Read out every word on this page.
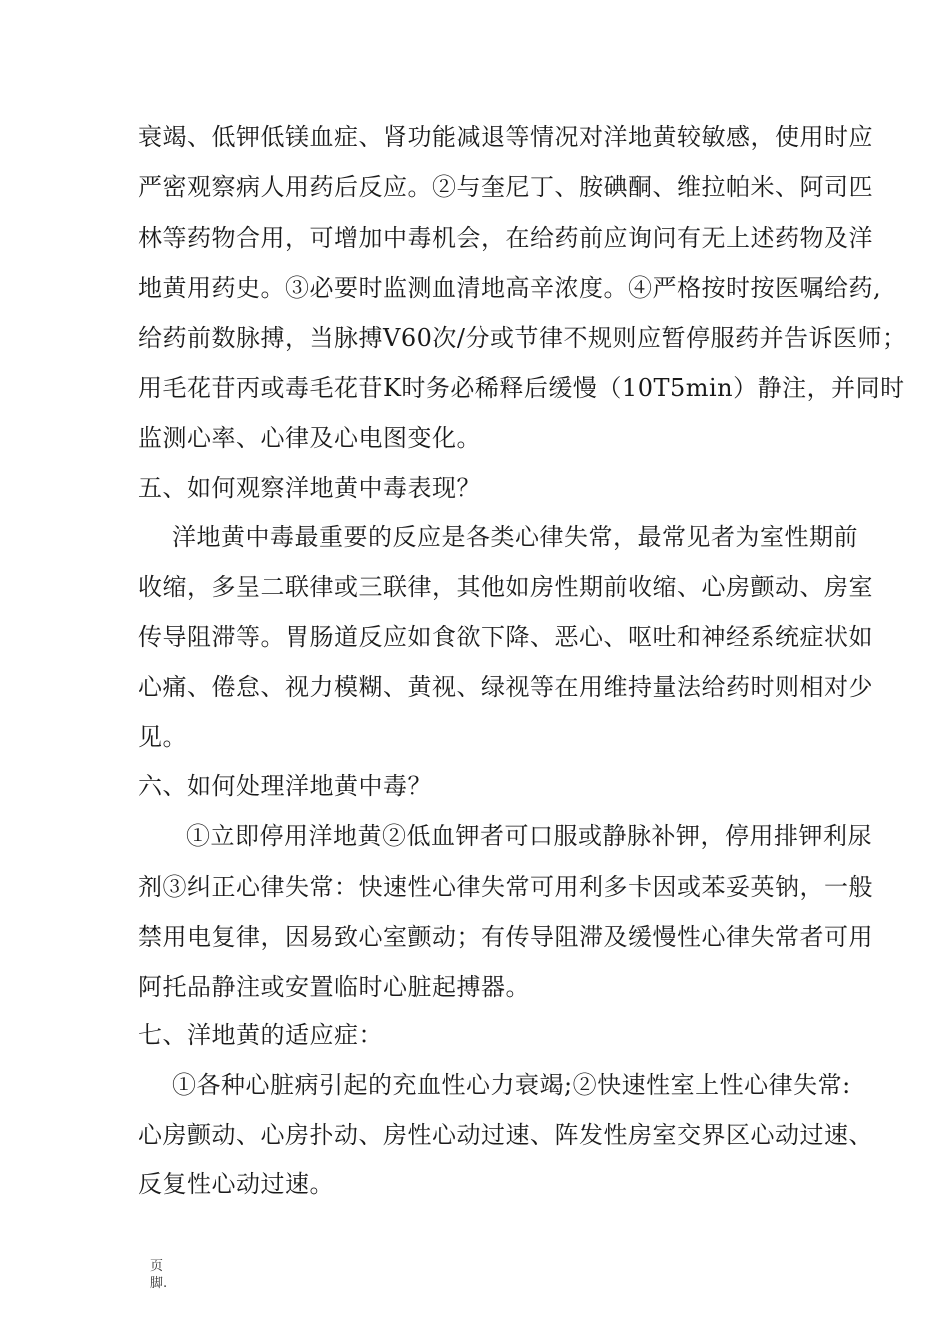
衰竭、低钾低镁血症、肾功能减退等情况对洋地黄较敏感，使用时应
严密观察病人用药后反应。②与奎尼丁、胺碘酮、维拉帕米、阿司匹
林等药物合用，可增加中毒机会，在给药前应询问有无上述药物及洋
地黄用药史。③必要时监测血清地高辛浓度。④严格按时按医嘱给药,
给药前数脉搏，当脉搏V60次/分或节律不规则应暂停服药并告诉医师；
用毛花苷丙或毒毛花苷K时务必稀释后缓慢（10T5min）静注，并同时
监测心率、心律及心电图变化。
五、如何观察洋地黄中毒表现？
洋地黄中毒最重要的反应是各类心律失常，最常见者为室性期前
收缩，多呈二联律或三联律，其他如房性期前收缩、心房颤动、房室
传导阻滞等。胃肠道反应如食欲下降、恶心、呕吐和神经系统症状如
心痛、倦怠、视力模糊、黄视、绿视等在用维持量法给药时则相对少
见。
六、如何处理洋地黄中毒？
①立即停用洋地黄②低血钾者可口服或静脉补钾，停用排钾利尿
剂③纠正心律失常：快速性心律失常可用利多卡因或苯妥英钠，一般
禁用电复律，因易致心室颤动；有传导阻滞及缓慢性心律失常者可用
阿托品静注或安置临时心脏起搏器。
七、洋地黄的适应症：
①各种心脏病引起的充血性心力衰竭;②快速性室上性心律失常:
心房颤动、心房扑动、房性心动过速、阵发性房室交界区心动过速、
反复性心动过速。
页
脚.
